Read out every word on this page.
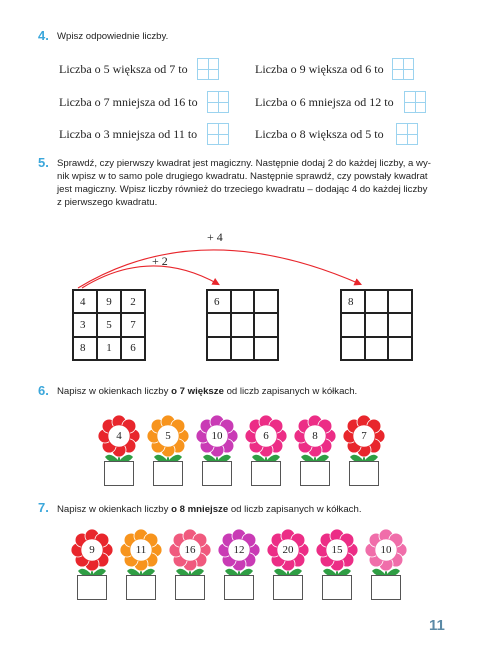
4. Wpisz odpowiednie liczby.
Liczba o 5 większa od 7 to
Liczba o 7 mniejsza od 16 to
Liczba o 3 mniejsza od 11 to
Liczba o 9 większa od 6 to
Liczba o 6 mniejsza od 12 to
Liczba o 8 większa od 5 to
5. Sprawdź, czy pierwszy kwadrat jest magiczny. Następnie dodaj 2 do każdej liczby, a wy-
nik wpisz w to samo pole drugiego kwadratu. Następnie sprawdź, czy powstały kwadrat
jest magiczny. Wpisz liczby również do trzeciego kwadratu – dodając 4 do każdej liczby
z pierwszego kwadratu.
+ 4
+ 2
4	9	2
3	5	7
8	1	6
6	8
6. Napisz w okienkach liczby o 7 większe od liczb zapisanych w kółkach.
4	5	10	6	8	7
7. Napisz w okienkach liczby o 8 mniejsze od liczb zapisanych w kółkach.
9	11	16	12	20	15	10
11
